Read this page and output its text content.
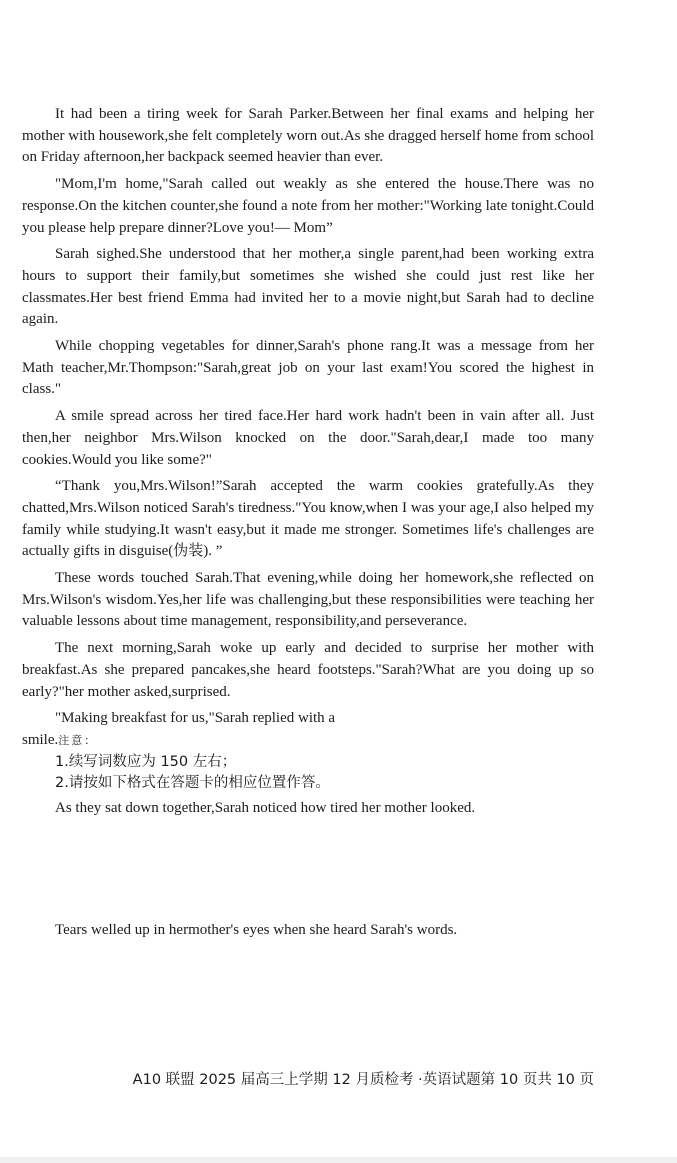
It had been a tiring week for Sarah Parker.Between her final exams and helping her mother with housework,she felt completely worn out.As she dragged herself home from school on Friday afternoon,her backpack seemed heavier than ever.

"Mom,I'm home,"Sarah called out weakly as she entered the house.There was no response.On the kitchen counter,she found a note from her mother:"Working late tonight.Could you please help prepare dinner?Love you!— Mom”

Sarah sighed.She understood that her mother,a single parent,had been working extra hours to support their family,but sometimes she wished she could just rest like her classmates.Her best friend Emma had invited her to a movie night,but Sarah had to decline again.

While chopping vegetables for dinner,Sarah's phone rang.It was a message from her Math teacher,Mr.Thompson:"Sarah,great job on your last exam!You scored the highest in class."

A smile spread across her tired face.Her hard work hadn't been in vain after all. Just then,her neighbor Mrs.Wilson knocked on the door."Sarah,dear,I made too many cookies.Would you like some?"

“Thank you,Mrs.Wilson!”Sarah accepted the warm cookies gratefully.As they chatted,Mrs.Wilson noticed Sarah's tiredness."You know,when I was your age,I also helped my family while studying.It wasn't easy,but it made me stronger. Sometimes life's challenges are actually gifts in disguise(伪装). ”

These words touched Sarah.That evening,while doing her homework,she reflected on Mrs.Wilson's wisdom.Yes,her life was challenging,but these responsibilities were teaching her valuable lessons about time management, responsibility,and perseverance.

The next morning,Sarah woke up early and decided to surprise her mother with breakfast.As she prepared pancakes,she heard footsteps."Sarah?What are you doing up so early?"her mother asked,surprised.

"Making breakfast for us,"Sarah replied with a

smile.注意：

1.续写词数应为 150 左右；

2.请按如下格式在答题卡的相应位置作答。

As they sat down together,Sarah noticed how tired her mother looked.

Tears welled up in hermother's eyes when she heard Sarah's words.

A10 联盟 2025 届高三上学期 12 月质检考 ·英语试题第 10 页共 10 页
